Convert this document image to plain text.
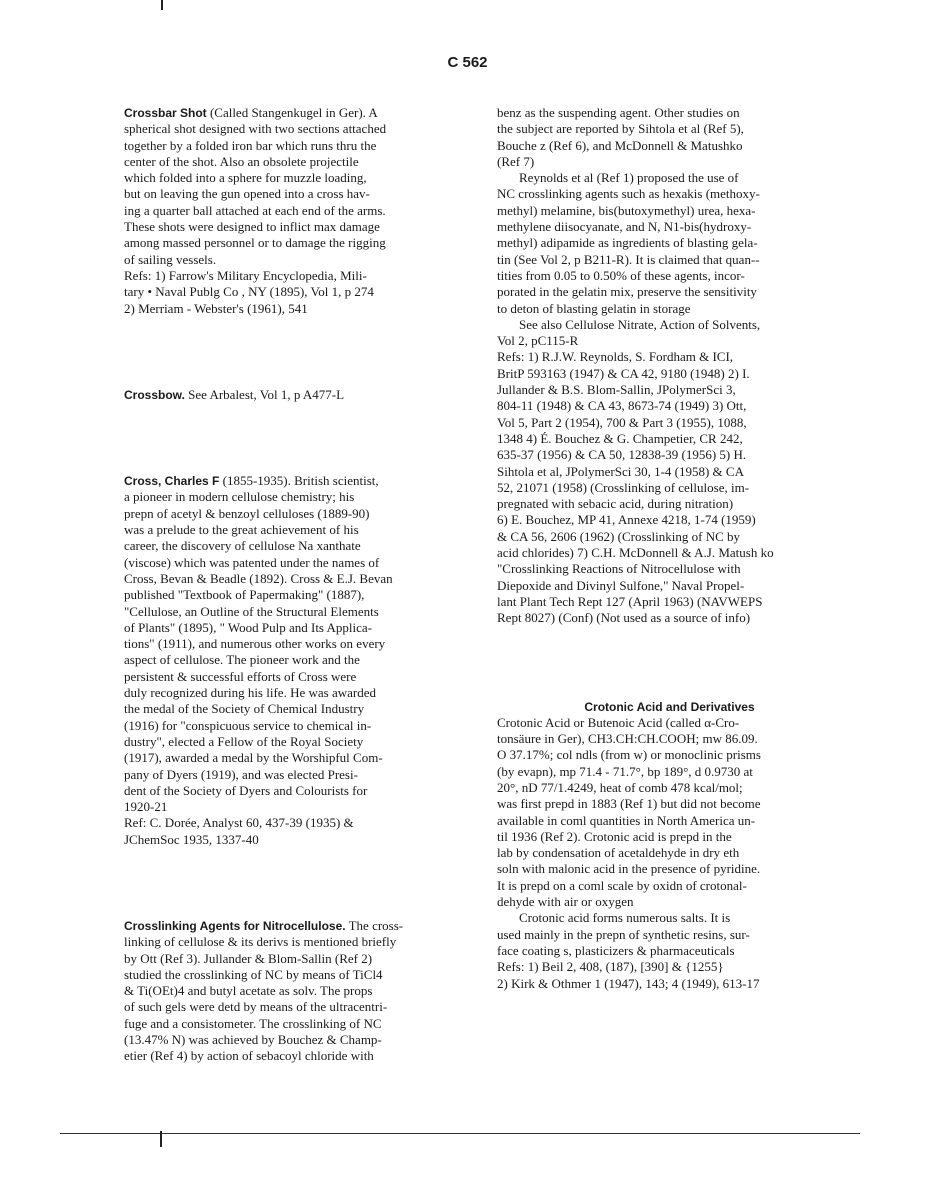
C 562
Crossbar Shot (Called Stangenkugel in Ger). A
spherical shot designed with two sections attached
together by a folded iron bar which runs thru the
center of the shot. Also an obsolete projectile
which folded into a sphere for muzzle loading,
but on leaving the gun opened into a cross hav-
ing a quarter ball attached at each end of the arms.
These shots were designed to inflict max damage
among massed personnel or to damage the rigging
of sailing vessels.
Refs: 1) Farrow's Military Encyclopedia, Mili-
tary • Naval Publg Co , NY (1895), Vol 1, p 274
2) Merriam - Webster's (1961), 541
Crossbow. See Arbalest, Vol 1, p A477-L
Cross, Charles F (1855-1935). British scientist,
a pioneer in modern cellulose chemistry; his
prepn of acetyl & benzoyl celluloses (1889-90)
was a prelude to the great achievement of his
career, the discovery of cellulose Na xanthate
(viscose) which was patented under the names of
Cross, Bevan & Beadle (1892). Cross & E.J. Bevan
published "Textbook of Papermaking" (1887),
"Cellulose, an Outline of the Structural Elements
of Plants" (1895), " Wood Pulp and Its Applica-
tions" (1911), and numerous other works on every
aspect of cellulose. The pioneer work and the
persistent & successful efforts of Cross were
duly recognized during his life. He was awarded
the medal of the Society of Chemical Industry
(1916) for "conspicuous service to chemical in-
dustry", elected a Fellow of the Royal Society
(1917), awarded a medal by the Worshipful Com-
pany of Dyers (1919), and was elected Presi-
dent of the Society of Dyers and Colourists for
1920-21
Ref: C. Dorée, Analyst 60, 437-39 (1935) &
JChemSoc 1935, 1337-40
Crosslinking Agents for Nitrocellulose. The cross-
linking of cellulose & its derivs is mentioned briefly
by Ott (Ref 3). Jullander & Blom-Sallin (Ref 2)
studied the crosslinking of NC by means of TiCl4
& Ti(OEt)4 and butyl acetate as solv. The props
of such gels were detd by means of the ultracentri-
fuge and a consistometer. The crosslinking of NC
(13.47% N) was achieved by Bouchez & Champ-
etier (Ref 4) by action of sebacoyl chloride with
benz as the suspending agent. Other studies on
the subject are reported by Sihtola et al (Ref 5),
Bouche z (Ref 6), and McDonnell & Matushko
(Ref 7)
Reynolds et al (Ref 1) proposed the use of
NC crosslinking agents such as hexakis (methoxy-
methyl) melamine, bis(butoxymethyl) urea, hexa-
methylene diisocyanate, and N, N1-bis(hydroxy-
methyl) adipamide as ingredients of blasting gela-
tin (See Vol 2, p B211-R). It is claimed that quan--
tities from 0.05 to 0.50% of these agents, incor-
porated in the gelatin mix, preserve the sensitivity
to deton of blasting gelatin in storage
See also Cellulose Nitrate, Action of Solvents,
Vol 2, pC115-R
Refs: 1) R.J.W. Reynolds, S. Fordham & ICI,
BritP 593163 (1947) & CA 42, 9180 (1948) 2) I.
Jullander & B.S. Blom-Sallin, JPolymerSci 3,
804-11 (1948) & CA 43, 8673-74 (1949) 3) Ott,
Vol 5, Part 2 (1954), 700 & Part 3 (1955), 1088,
1348 4) É. Bouchez & G. Champetier, CR 242,
635-37 (1956) & CA 50, 12838-39 (1956) 5) H.
Sihtola et al, JPolymerSci 30, 1-4 (1958) & CA
52, 21071 (1958) (Crosslinking of cellulose, im-
pregnated with sebacic acid, during nitration)
6) E. Bouchez, MP 41, Annexe 4218, 1-74 (1959)
& CA 56, 2606 (1962) (Crosslinking of NC by
acid chlorides) 7) C.H. McDonnell & A.J. Matush ko
"Crosslinking Reactions of Nitrocellulose with
Diepoxide and Divinyl Sulfone," Naval Propel-
lant Plant Tech Rept 127 (April 1963) (NAVWEPS
Rept 8027) (Conf) (Not used as a source of info)
Crotonic Acid and Derivatives
Crotonic Acid or Butenoic Acid (called α-Cro-
tonsäure in Ger), CH3.CH:CH.COOH; mw 86.09.
O 37.17%; col ndls (from w) or monoclinic prisms
(by evapn), mp 71.4 - 71.7°, bp 189°, d 0.9730 at
20°, nD 77/1.4249, heat of comb 478 kcal/mol;
was first prepd in 1883 (Ref 1) but did not become
available in coml quantities in North America un-
til 1936 (Ref 2). Crotonic acid is prepd in the
lab by condensation of acetaldehyde in dry eth
soln with malonic acid in the presence of pyridine.
It is prepd on a coml scale by oxidn of crotonal-
dehyde with air or oxygen
Crotonic acid forms numerous salts. It is
used mainly in the prepn of synthetic resins, sur-
face coating s, plasticizers & pharmaceuticals
Refs: 1) Beil 2, 408, (187), [390] & {1255}
2) Kirk & Othmer 1 (1947), 143; 4 (1949), 613-17
